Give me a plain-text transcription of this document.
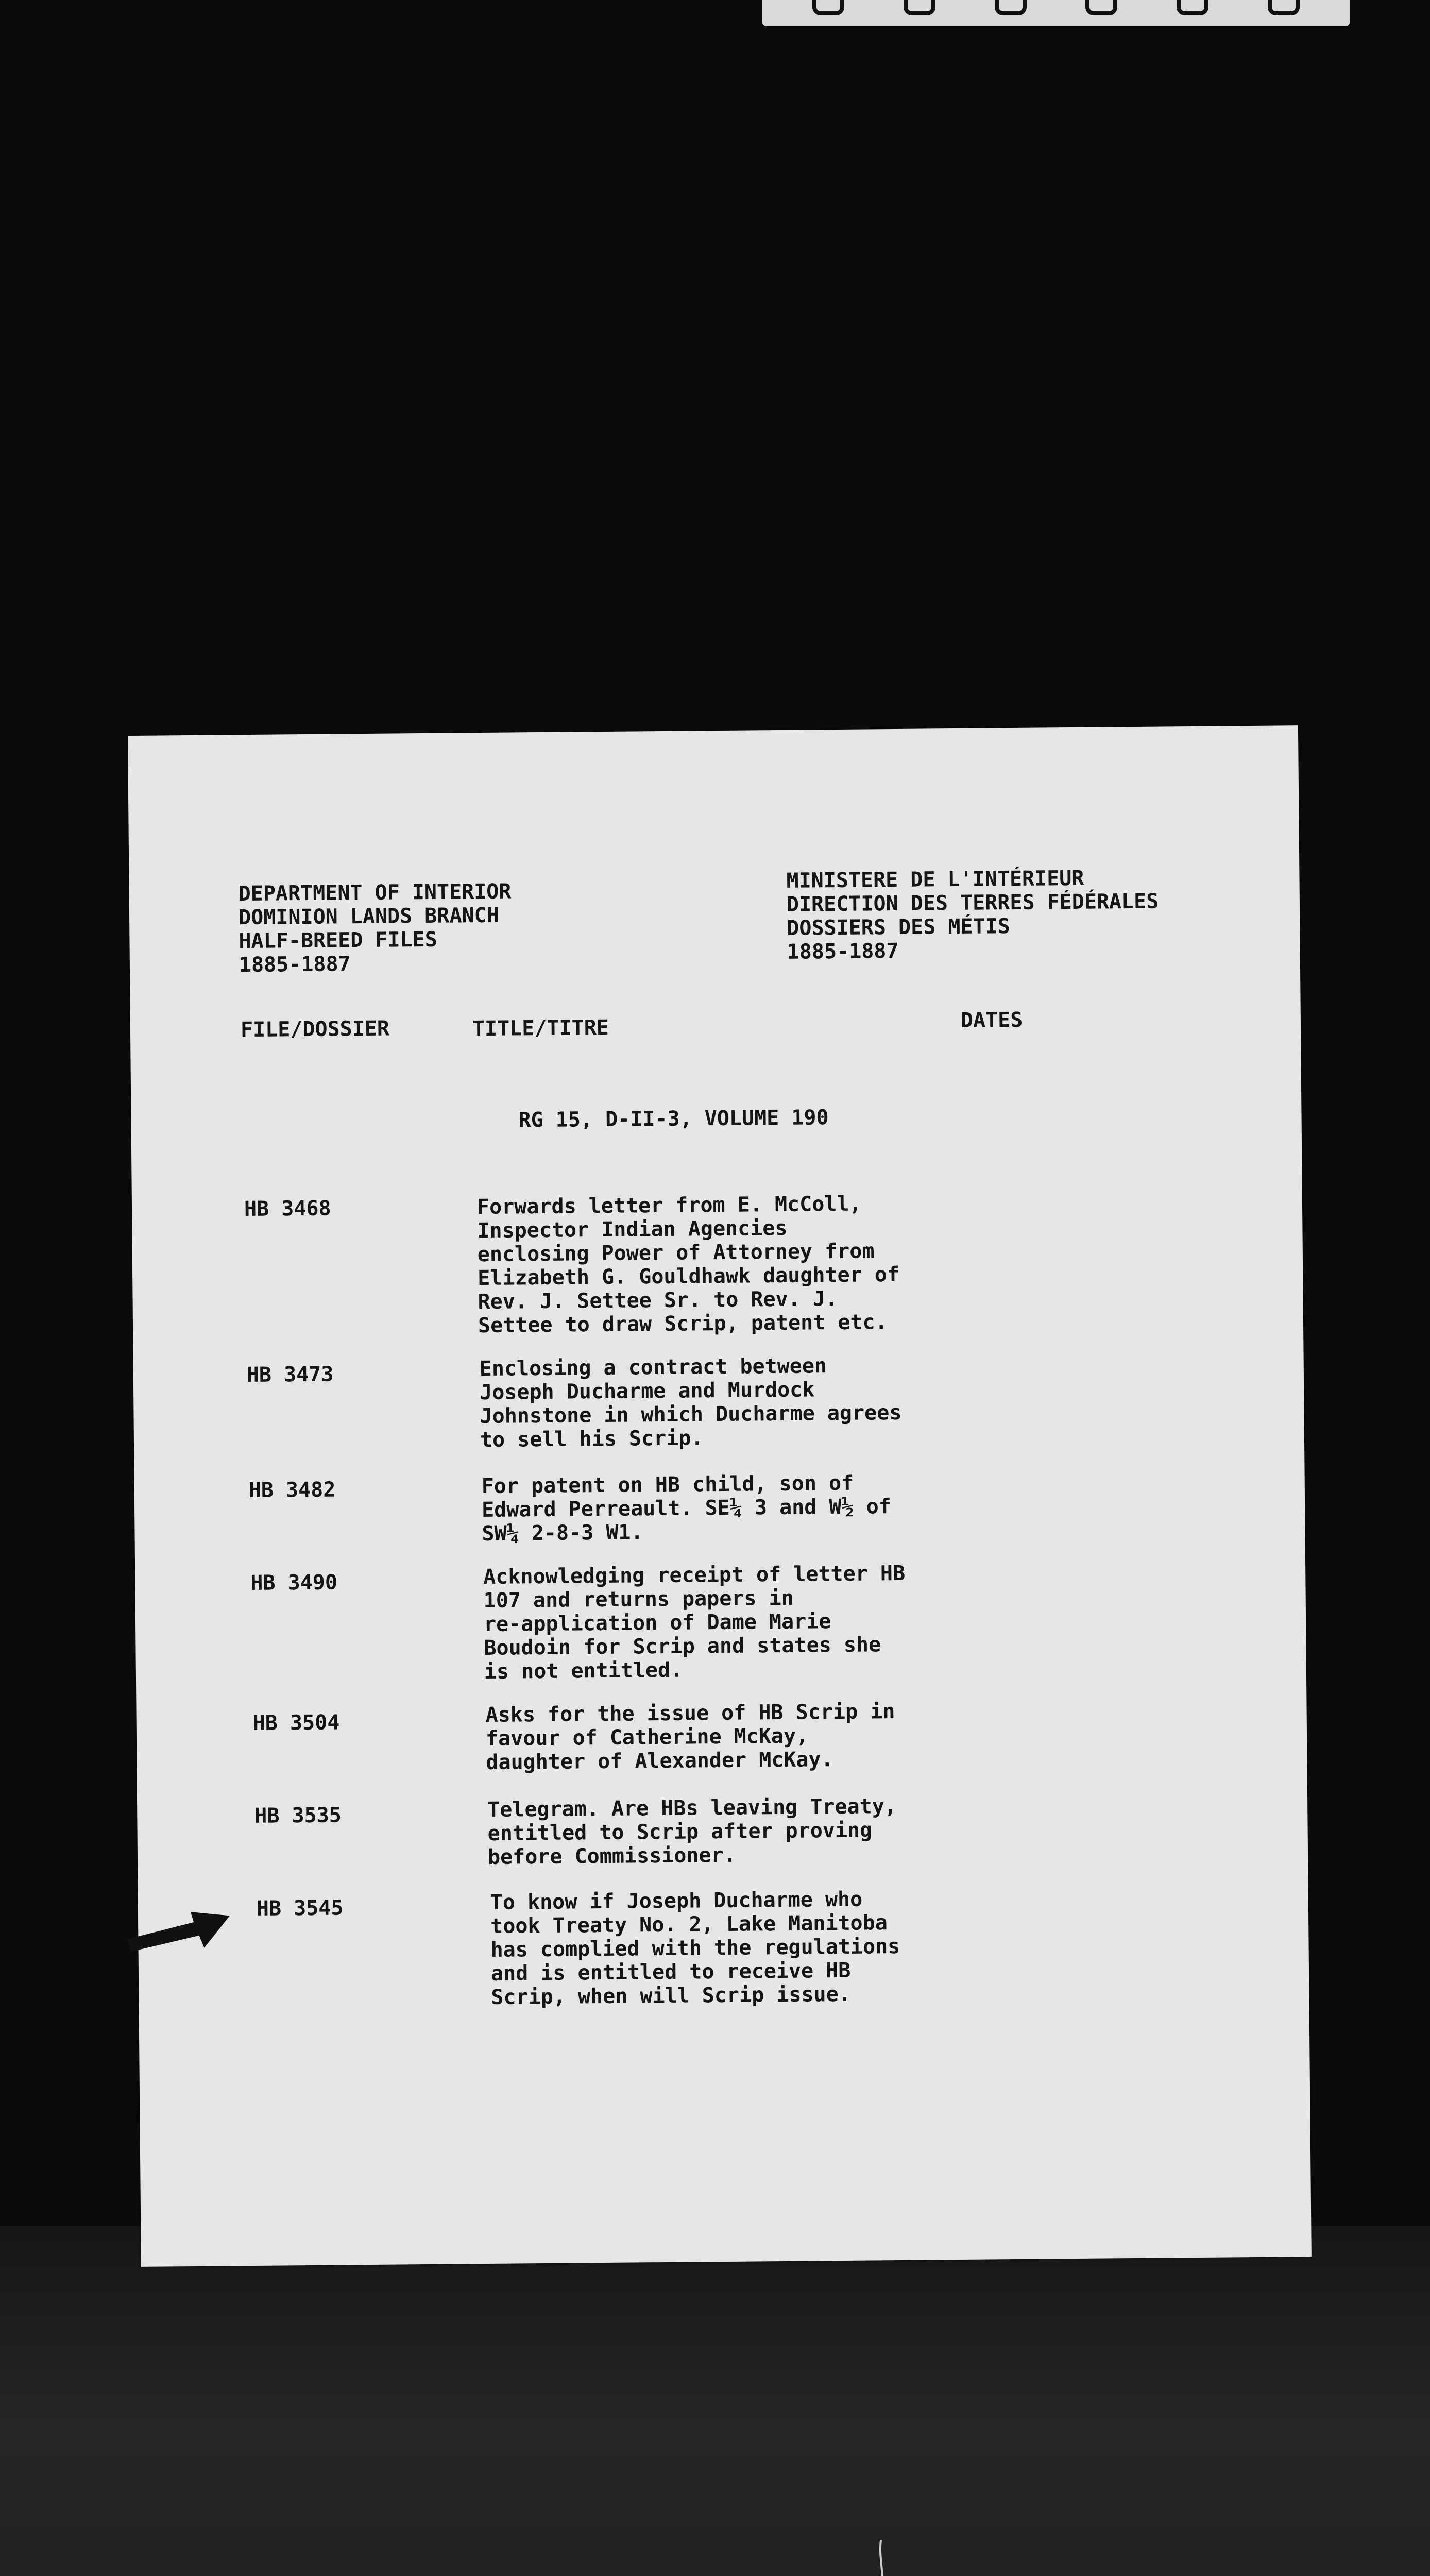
DEPARTMENT OF INTERIOR
DOMINION LANDS BRANCH
HALF-BREED FILES
1885-1887
MINISTERE DE L'INTÉRIEUR
DIRECTION DES TERRES FÉDÉRALES
DOSSIERS DES MÉTIS
1885-1887
FILE/DOSSIER	TITLE/TITRE	DATES
RG 15, D-II-3, VOLUME 190
HB 3468	Forwards letter from E. McColl,
Inspector Indian Agencies
enclosing Power of Attorney from
Elizabeth G. Gouldhawk daughter of
Rev. J. Settee Sr. to Rev. J.
Settee to draw Scrip, patent etc.
HB 3473	Enclosing a contract between
Joseph Ducharme and Murdock
Johnstone in which Ducharme agrees
to sell his Scrip.
HB 3482	For patent on HB child, son of
Edward Perreault. SE¼ 3 and W½ of
SW¼ 2-8-3 W1.
HB 3490	Acknowledging receipt of letter HB
107 and returns papers in
re-application of Dame Marie
Boudoin for Scrip and states she
is not entitled.
HB 3504	Asks for the issue of HB Scrip in
favour of Catherine McKay,
daughter of Alexander McKay.
HB 3535	Telegram. Are HBs leaving Treaty,
entitled to Scrip after proving
before Commissioner.
HB 3545	To know if Joseph Ducharme who
took Treaty No. 2, Lake Manitoba
has complied with the regulations
and is entitled to receive HB
Scrip, when will Scrip issue.
